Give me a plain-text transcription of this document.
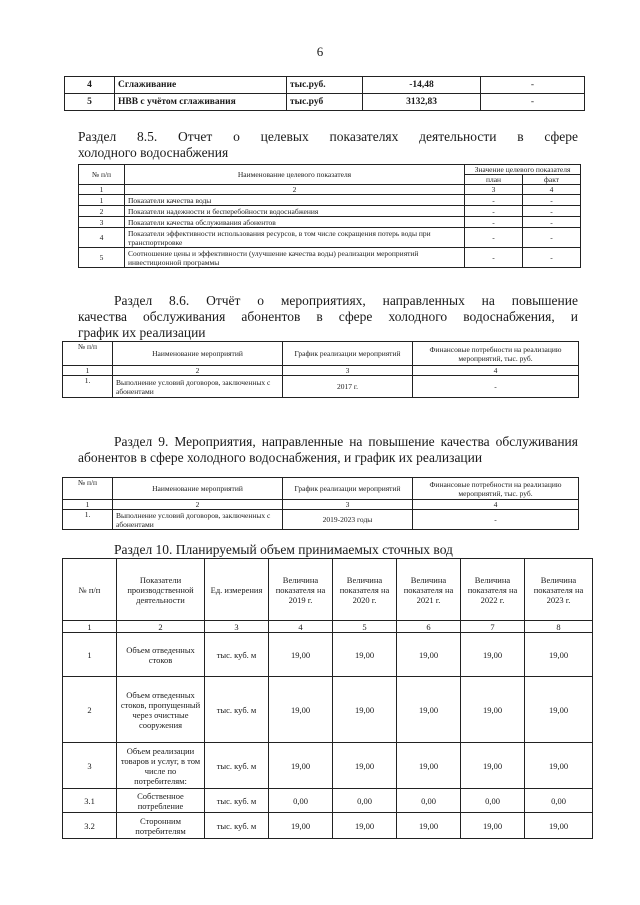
6
4	Сглаживание	тыс.руб.	-14,48	-
5	НВВ с учётом сглаживания	тыс.руб	3132,83	-
Раздел 8.5. Отчет о целевых показателях деятельности в сфере
холодного водоснабжения
№ п/п	Наименование целевого показателя	Значение целевого показателя	
		план	факт
1	2	3	4
1	Показатели качества воды	-	-
2	Показатели надежности и бесперебойности водоснабжения	-	-
3	Показатели качества обслуживания абонентов	-	-
4	Показатели эффективности использования ресурсов, в том числе сокращения потерь воды при транспортировке	-	-
5	Соотношение цены и эффективности (улучшение качества воды) реализации мероприятий инвестиционной программы	-	-
Раздел 8.6. Отчёт о мероприятиях, направленных на повышение
качества обслуживания абонентов в сфере холодного водоснабжения, и
график их реализации
№ п/п	Наименование мероприятий	График реализации мероприятий	Финансовые потребности на реализацию мероприятий, тыс. руб.
1	2	3	4
1.	Выполнение условий договоров, заключенных с абонентами	2017 г.	-
Раздел 9. Мероприятия, направленные на повышение качества обслуживания
абонентов в сфере холодного водоснабжения, и график их реализации
№ п/п	Наименование мероприятий	График реализации мероприятий	Финансовые потребности на реализацию мероприятий, тыс. руб.
1	2	3	4
1.	Выполнение условий договоров, заключенных с абонентами	2019-2023 годы	-
Раздел 10. Планируемый объем принимаемых сточных вод
№ п/п	Показатели производственной деятельности	Ед. измерения	Величина показателя на 2019 г.	Величина показателя на 2020 г.	Величина показателя на 2021 г.	Величина показателя на 2022 г.	Величина показателя на 2023 г.
1	2	3	4	5	6	7	8
1	Объем отведенных стоков	тыс. куб. м	19,00	19,00	19,00	19,00	19,00
2	Объем отведенных стоков, пропущенный через очистные сооружения	тыс. куб. м	19,00	19,00	19,00	19,00	19,00
3	Объем реализации товаров и услуг, в том числе по потребителям:	тыс. куб. м	19,00	19,00	19,00	19,00	19,00
3.1	Собственное потребление	тыс. куб. м	0,00	0,00	0,00	0,00	0,00
3.2	Сторонним потребителям	тыс. куб. м	19,00	19,00	19,00	19,00	19,00
